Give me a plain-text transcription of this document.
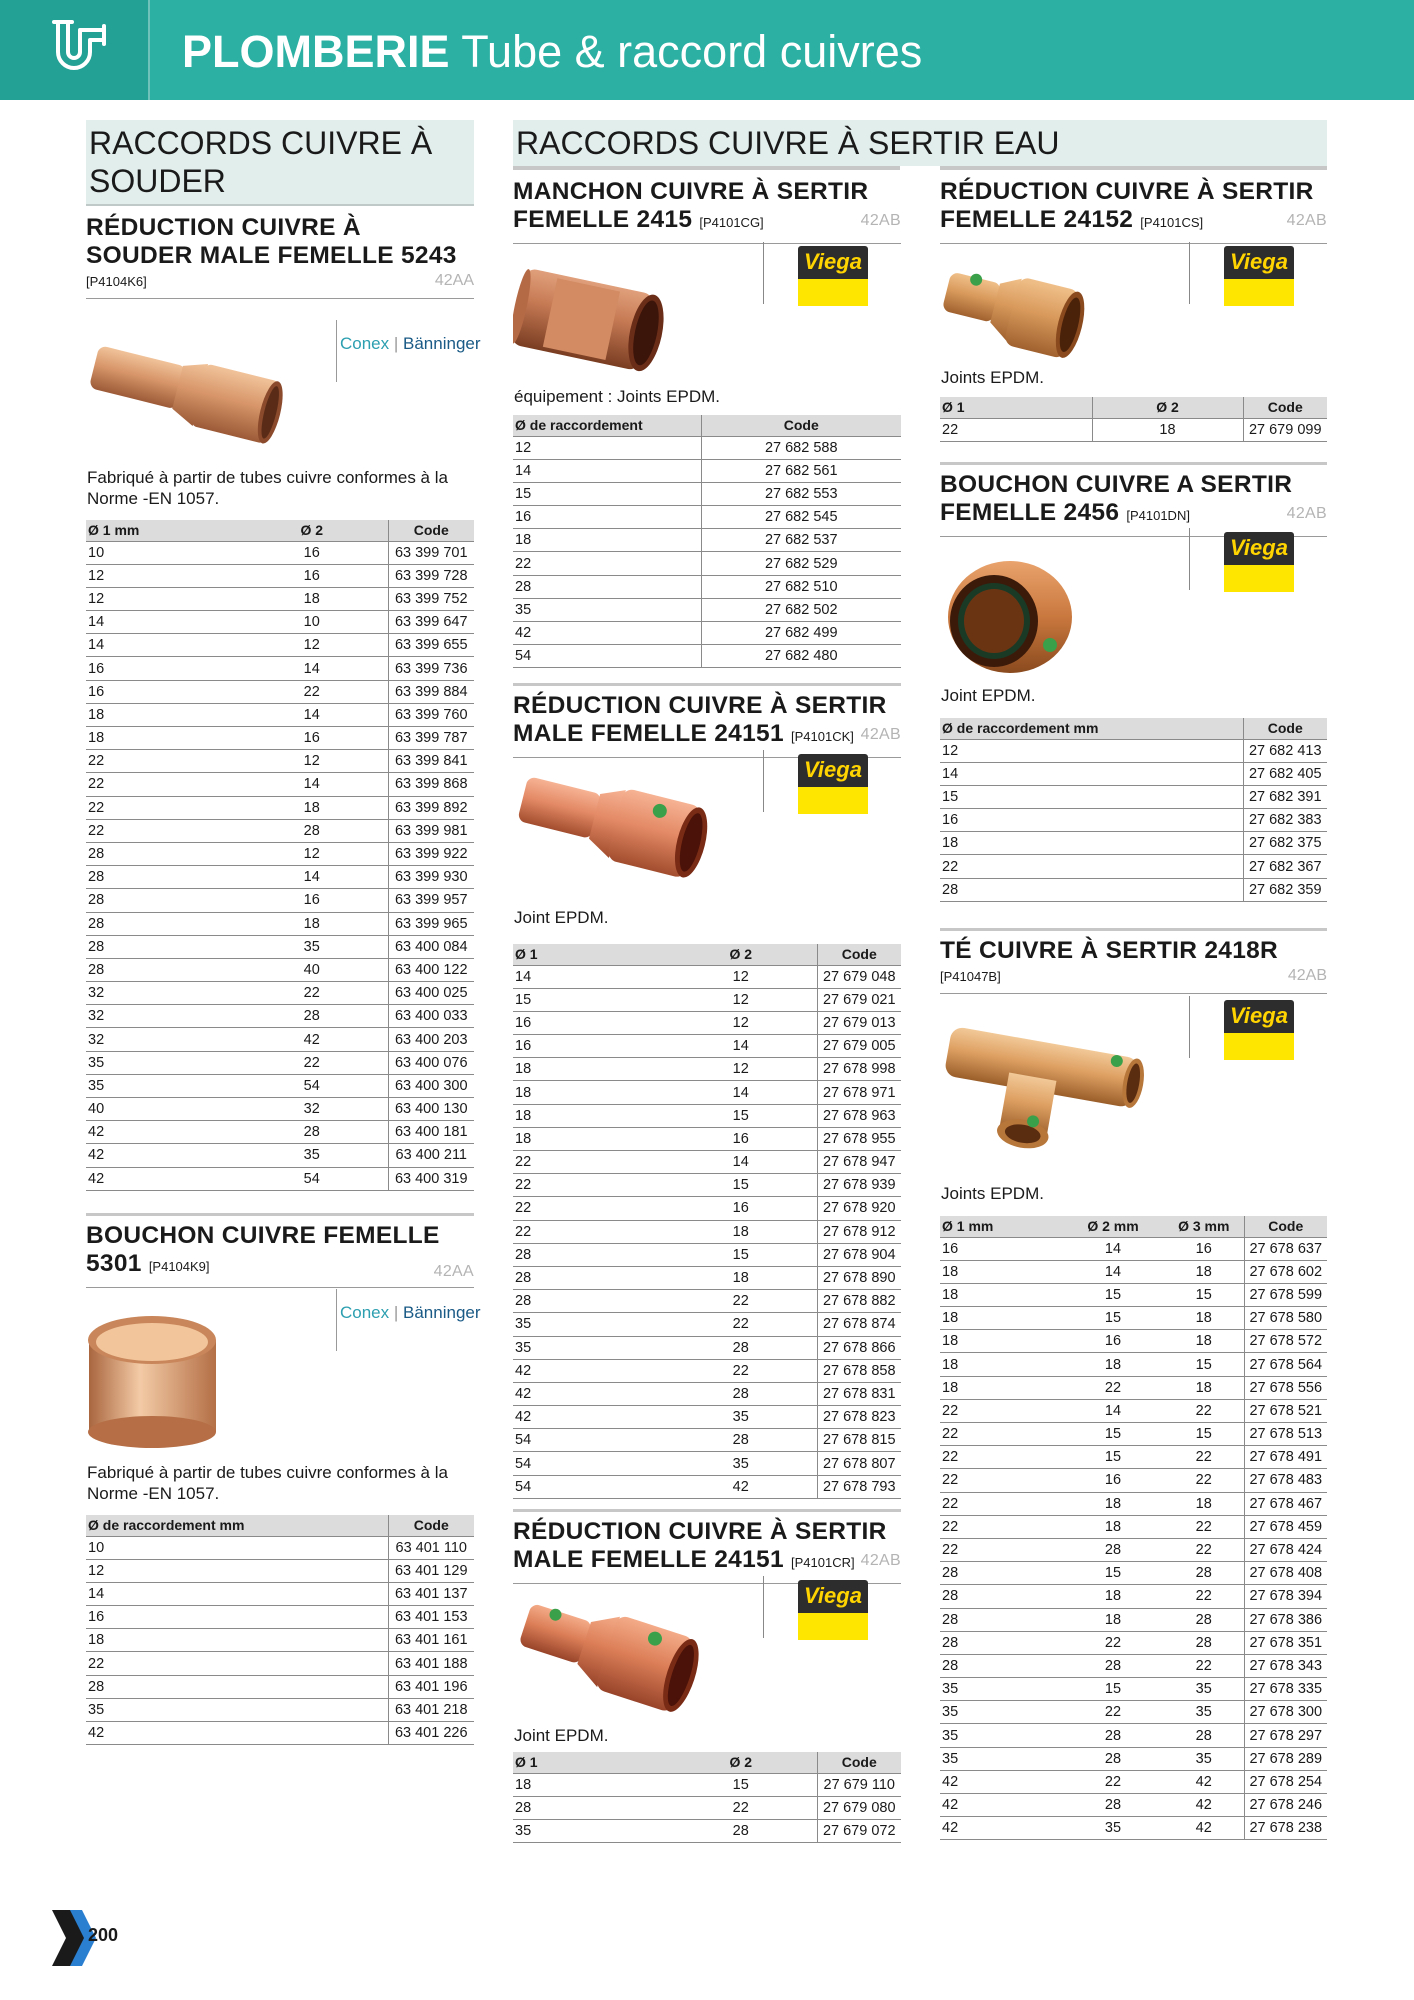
PLOMBERIE Tube & raccord cuivres
RACCORDS CUIVRE À SOUDER
RÉDUCTION CUIVRE À SOUDER MALE FEMELLE 5243
[P4104K6]	42AA
Conex | Bänninger
Fabriqué à partir de tubes cuivre conformes à la Norme -EN 1057.
Ø 1 mm	Ø 2	Code
10	16	63 399 701
12	16	63 399 728
12	18	63 399 752
14	10	63 399 647
14	12	63 399 655
16	14	63 399 736
16	22	63 399 884
18	14	63 399 760
18	16	63 399 787
22	12	63 399 841
22	14	63 399 868
22	18	63 399 892
22	28	63 399 981
28	12	63 399 922
28	14	63 399 930
28	16	63 399 957
28	18	63 399 965
28	35	63 400 084
28	40	63 400 122
32	22	63 400 025
32	28	63 400 033
32	42	63 400 203
35	22	63 400 076
35	54	63 400 300
40	32	63 400 130
42	28	63 400 181
42	35	63 400 211
42	54	63 400 319
BOUCHON CUIVRE FEMELLE 5301 [P4104K9]	42AA
Conex | Bänninger
Fabriqué à partir de tubes cuivre conformes à la Norme -EN 1057.
Ø de raccordement mm	Code
10	63 401 110
12	63 401 129
14	63 401 137
16	63 401 153
18	63 401 161
22	63 401 188
28	63 401 196
35	63 401 218
42	63 401 226
RACCORDS CUIVRE À SERTIR EAU
MANCHON CUIVRE À SERTIR
FEMELLE 2415 [P4101CG]	42AB
Viega
équipement : Joints EPDM.
Ø de raccordement	Code
12	27 682 588
14	27 682 561
15	27 682 553
16	27 682 545
18	27 682 537
22	27 682 529
28	27 682 510
35	27 682 502
42	27 682 499
54	27 682 480
RÉDUCTION CUIVRE À SERTIR
MALE FEMELLE 24151 [P4101CK] 42AB
Viega
Joint EPDM.
Ø 1	Ø 2	Code
14	12	27 679 048
15	12	27 679 021
16	12	27 679 013
16	14	27 679 005
18	12	27 678 998
18	14	27 678 971
18	15	27 678 963
18	16	27 678 955
22	14	27 678 947
22	15	27 678 939
22	16	27 678 920
22	18	27 678 912
28	15	27 678 904
28	18	27 678 890
28	22	27 678 882
35	22	27 678 874
35	28	27 678 866
42	22	27 678 858
42	28	27 678 831
42	35	27 678 823
54	28	27 678 815
54	35	27 678 807
54	42	27 678 793
RÉDUCTION CUIVRE À SERTIR
MALE FEMELLE 24151 [P4101CR] 42AB
Viega
Joint EPDM.
Ø 1	Ø 2	Code
18	15	27 679 110
28	22	27 679 080
35	28	27 679 072
RÉDUCTION CUIVRE À SERTIR
FEMELLE 24152 [P4101CS]	42AB
Viega
Joints EPDM.
Ø 1	Ø 2	Code
22	18	27 679 099
BOUCHON CUIVRE A SERTIR
FEMELLE 2456 [P4101DN]	42AB
Viega
Joint EPDM.
Ø de raccordement mm	Code
12	27 682 413
14	27 682 405
15	27 682 391
16	27 682 383
18	27 682 375
22	27 682 367
28	27 682 359
TÉ CUIVRE À SERTIR 2418R
[P41047B]	42AB
Viega
Joints EPDM.
Ø 1 mm	Ø 2 mm	Ø 3 mm	Code
16	14	16	27 678 637
18	14	18	27 678 602
18	15	15	27 678 599
18	15	18	27 678 580
18	16	18	27 678 572
18	18	15	27 678 564
18	22	18	27 678 556
22	14	22	27 678 521
22	15	15	27 678 513
22	15	22	27 678 491
22	16	22	27 678 483
22	18	18	27 678 467
22	18	22	27 678 459
22	28	22	27 678 424
28	15	28	27 678 408
28	18	22	27 678 394
28	18	28	27 678 386
28	22	28	27 678 351
28	28	22	27 678 343
35	15	35	27 678 335
35	22	35	27 678 300
35	28	28	27 678 297
35	28	35	27 678 289
42	22	42	27 678 254
42	28	42	27 678 246
42	35	42	27 678 238
200
